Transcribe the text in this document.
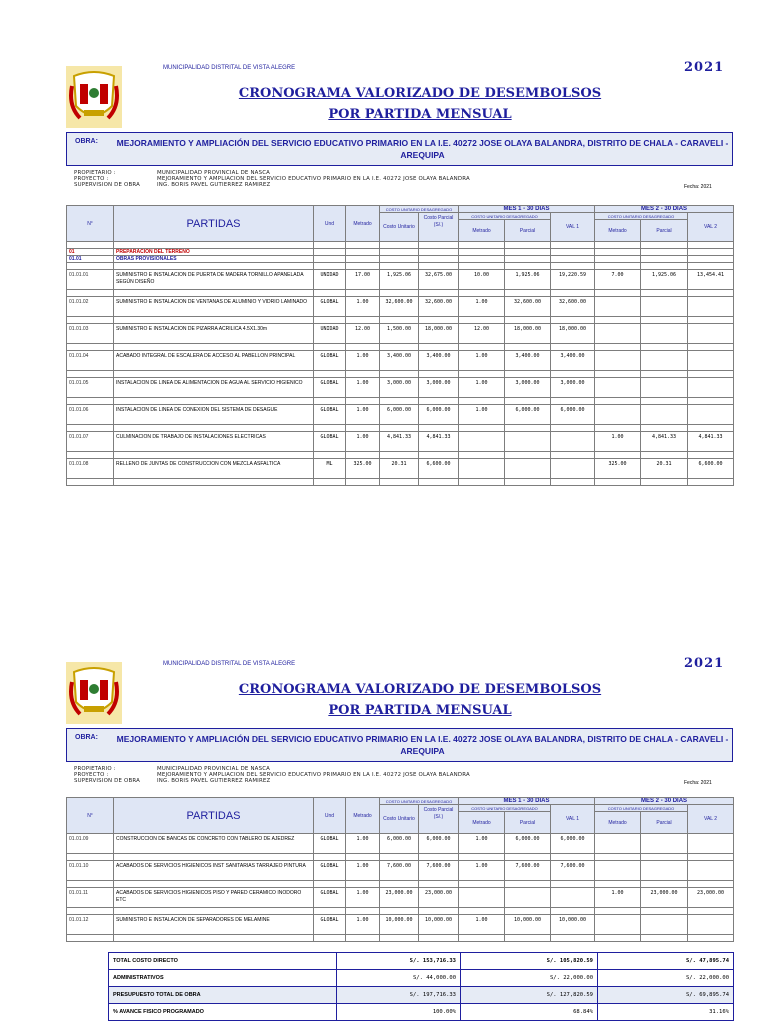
MUNICIPALIDAD DISTRITAL DE VISTA ALEGRE	2021
CRONOGRAMA VALORIZADO DE DESEMBOLSOS
POR PARTIDA MENSUAL
OBRA: MEJORAMIENTO Y AMPLIACIÓN DEL SERVICIO EDUCATIVO PRIMARIO EN LA I.E. 40272 JOSE OLAYA BALANDRA, DISTRITO DE CHALA - CARAVELI - AREQUIPA
PROPIETARIO :	MUNICIPALIDAD PROVINCIAL DE NASCA
PROYECTO :	MEJORAMIENTO Y AMPLIACION DEL SERVICIO EDUCATIVO PRIMARIO EN LA I.E. 40272 JOSE OLAYA BALANDRA
SUPERVISION DE OBRA	ING. BORIS PAVEL GUTIERREZ RAMIREZ	Fecha: 2021
N°	PARTIDAS	Und	Metrado	COSTO UNITARIO DESAGREGADO		MES 1 - 30 DIAS			MES 2 - 30 DIAS		
				Costo Unitario	Costo Parcial (S/.)	COSTO UNITARIO DESAGREGADO		VAL 1	COSTO UNITARIO DESAGREGADO		VAL 2
						Metrado	Parcial		Metrado	Parcial	

01	PREPARACION DEL TERRENO										
01.01	OBRAS PROVISIONALES										

01.01.01	SUMINISTRO E INSTALACION DE PUERTA DE MADERA TORNILLO APANELADA SEGÚN DISEÑO	UNIDAD	17.00	1,925.06	32,675.00	10.00	1,925.06	19,220.59	7.00	1,925.06	13,454.41

01.01.02	SUMINISTRO E INSTALACION DE VENTANAS DE ALUMINIO Y VIDRIO LAMINADO	GLOBAL	1.00	32,600.00	32,600.00	1.00	32,600.00	32,600.00			

01.01.03	SUMINISTRO E INSTALACION DE PIZARRA ACRILICA 4.5X1.30m	UNIDAD	12.00	1,500.00	18,000.00	12.00	18,000.00	18,000.00			

01.01.04	ACABADO INTEGRAL DE ESCALERA DE ACCESO AL PABELLON PRINCIPAL	GLOBAL	1.00	3,400.00	3,400.00	1.00	3,400.00	3,400.00			

01.01.05	INSTALACION DE LINEA DE ALIMENTACION DE AGUA AL SERVICIO HIGIENICO	GLOBAL	1.00	3,000.00	3,000.00	1.00	3,000.00	3,000.00			

01.01.06	INSTALACION DE LINEA DE CONEXION DEL SISTEMA DE DESAGUE	GLOBAL	1.00	6,000.00	6,000.00	1.00	6,000.00	6,000.00			

01.01.07	CULMINACION DE TRABAJO DE INSTALACIONES ELECTRICAS	GLOBAL	1.00	4,841.33	4,841.33				1.00	4,841.33	4,841.33

01.01.08	RELLENO DE JUNTAS DE CONSTRUCCION CON MEZCLA ASFALTICA	ML	325.00	20.31	6,600.00				325.00	20.31	6,600.00

MUNICIPALIDAD DISTRITAL DE VISTA ALEGRE	2021
CRONOGRAMA VALORIZADO DE DESEMBOLSOS
POR PARTIDA MENSUAL
OBRA: MEJORAMIENTO Y AMPLIACIÓN DEL SERVICIO EDUCATIVO PRIMARIO EN LA I.E. 40272 JOSE OLAYA BALANDRA, DISTRITO DE CHALA - CARAVELI - AREQUIPA
PROPIETARIO :	MUNICIPALIDAD PROVINCIAL DE NASCA
PROYECTO :	MEJORAMIENTO Y AMPLIACION DEL SERVICIO EDUCATIVO PRIMARIO EN LA I.E. 40272 JOSE OLAYA BALANDRA
SUPERVISION DE OBRA	ING. BORIS PAVEL GUTIERREZ RAMIREZ	Fecha: 2021
N°	PARTIDAS	Und	Metrado	COSTO UNITARIO DESAGREGADO		MES 1 - 30 DIAS			MES 2 - 30 DIAS		
				Costo Unitario	Costo Parcial (S/.)	COSTO UNITARIO DESAGREGADO		VAL 1	COSTO UNITARIO DESAGREGADO		VAL 2
						Metrado	Parcial		Metrado	Parcial	
01.01.09	CONSTRUCCION DE BANCAS DE CONCRETO CON TABLERO DE AJEDREZ	GLOBAL	1.00	6,000.00	6,000.00	1.00	6,000.00	6,000.00			

01.01.10	ACABADOS DE SERVICIOS HIGIENICOS INST SANITARIAS TARRAJEO PINTURA	GLOBAL	1.00	7,600.00	7,600.00	1.00	7,600.00	7,600.00			

01.01.11	ACABADOS DE SERVICIOS HIGIENICOS PISO Y PARED CERAMICO INODORO ETC	GLOBAL	1.00	23,000.00	23,000.00				1.00	23,000.00	23,000.00

01.01.12	SUMINISTRO E INSTALACION DE SEPARADORES DE MELAMINE	GLOBAL	1.00	10,000.00	10,000.00	1.00	10,000.00	10,000.00			

TOTAL COSTO DIRECTO	S/. 153,716.33	S/. 105,820.59	S/. 47,895.74
ADMINISTRATIVOS	S/. 44,000.00	S/. 22,000.00	S/. 22,000.00
PRESUPUESTO TOTAL DE OBRA	S/. 197,716.33	S/. 127,820.59	S/. 69,895.74
% AVANCE FISICO PROGRAMADO	100.00%	68.84%	31.16%
